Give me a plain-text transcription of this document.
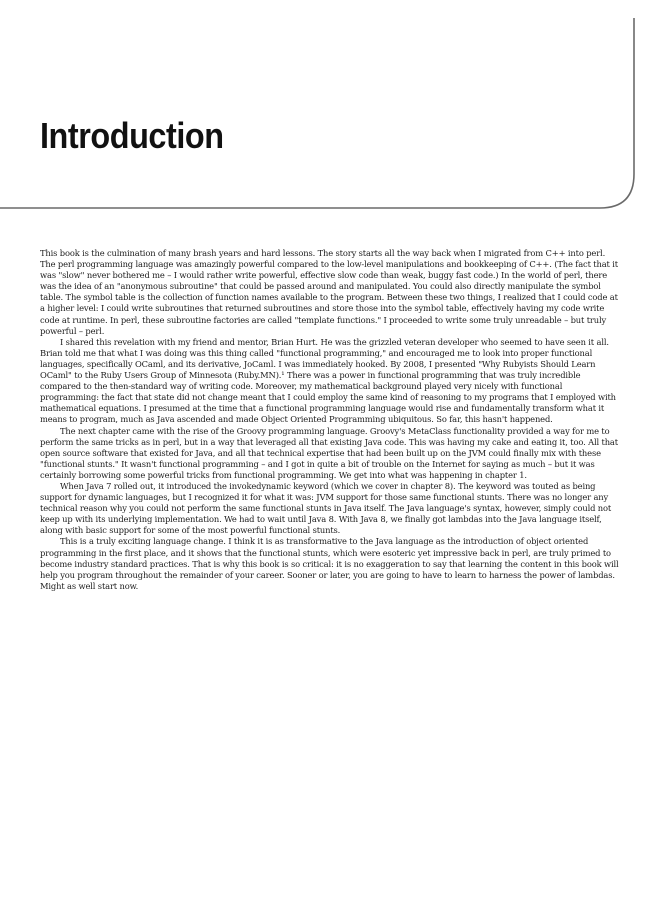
Introduction

This book is the culmination of many brash years and hard lessons. The story starts all the way back when I migrated from C++ into perl. The perl programming language was amazingly powerful compared to the low-level manipulations and bookkeeping of C++. (The fact that it was "slow" never bothered me – I would rather write powerful, effective slow code than weak, buggy fast code.) In the world of perl, there was the idea of an "anonymous subroutine" that could be passed around and manipulated. You could also directly manipulate the symbol table. The symbol table is the collection of function names available to the program. Between these two things, I realized that I could code at a higher level: I could write subroutines that returned subroutines and store those into the symbol table, effectively having my code write code at runtime. In perl, these subroutine factories are called "template functions." I proceeded to write some truly unreadable – but truly powerful – perl.

I shared this revelation with my friend and mentor, Brian Hurt. He was the grizzled veteran developer who seemed to have seen it all. Brian told me that what I was doing was this thing called "functional programming," and encouraged me to look into proper functional languages, specifically OCaml, and its derivative, JoCaml. I was immediately hooked. By 2008, I presented "Why Rubyists Should Learn OCaml" to the Ruby Users Group of Minnesota (Ruby.MN).¹ There was a power in functional programming that was truly incredible compared to the then-standard way of writing code. Moreover, my mathematical background played very nicely with functional programming: the fact that state did not change meant that I could employ the same kind of reasoning to my programs that I employed with mathematical equations. I presumed at the time that a functional programming language would rise and fundamentally transform what it means to program, much as Java ascended and made Object Oriented Programming ubiquitous. So far, this hasn't happened.

The next chapter came with the rise of the Groovy programming language. Groovy's MetaClass functionality provided a way for me to perform the same tricks as in perl, but in a way that leveraged all that existing Java code. This was having my cake and eating it, too. All that open source software that existed for Java, and all that technical expertise that had been built up on the JVM could finally mix with these "functional stunts." It wasn't functional programming – and I got in quite a bit of trouble on the Internet for saying as much – but it was certainly borrowing some powerful tricks from functional programming. We get into what was happening in chapter 1.

When Java 7 rolled out, it introduced the invokedynamic keyword (which we cover in chapter 8). The keyword was touted as being support for dynamic languages, but I recognized it for what it was: JVM support for those same functional stunts. There was no longer any technical reason why you could not perform the same functional stunts in Java itself. The Java language's syntax, however, simply could not keep up with its underlying implementation. We had to wait until Java 8. With Java 8, we finally got lambdas into the Java language itself, along with basic support for some of the most powerful functional stunts.

This is a truly exciting language change. I think it is as transformative to the Java language as the introduction of object oriented programming in the first place, and it shows that the functional stunts, which were esoteric yet impressive back in perl, are truly primed to become industry standard practices. That is why this book is so critical: it is no exaggeration to say that learning the content in this book will help you program throughout the remainder of your career. Sooner or later, you are going to have to learn to harness the power of lambdas. Might as well start now.
